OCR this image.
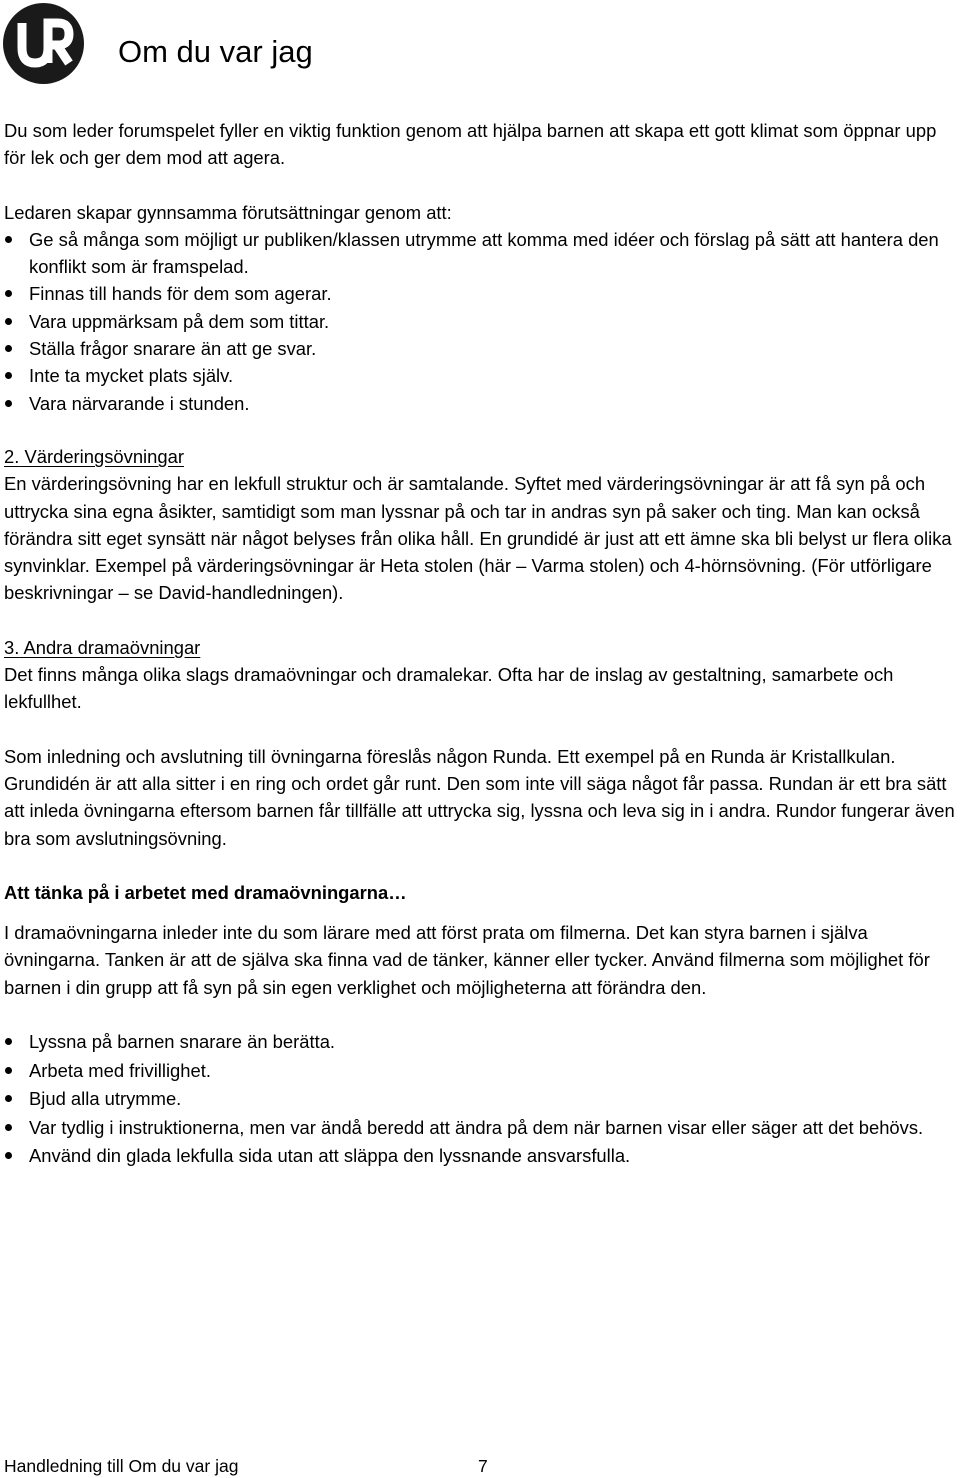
Om du var jag

Du som leder forumspelet fyller en viktig funktion genom att hjälpa barnen att skapa ett gott klimat som öppnar upp för lek och ger dem mod att agera.

Ledaren skapar gynnsamma förutsättningar genom att:

Ge så många som möjligt ur publiken/klassen utrymme att komma med idéer och förslag på sätt att hantera den konflikt som är framspelad.
Finnas till hands för dem som agerar.
Vara uppmärksam på dem som tittar.
Ställa frågor snarare än att ge svar.
Inte ta mycket plats själv.
Vara närvarande i stunden.

2. Värderingsövningar

En värderingsövning har en lekfull struktur och är samtalande. Syftet med värderingsövningar är att få syn på och uttrycka sina egna åsikter, samtidigt som man lyssnar på och tar in andras syn på saker och ting. Man kan också förändra sitt eget synsätt när något belyses från olika håll. En grundidé är just att ett ämne ska bli belyst ur flera olika synvinklar. Exempel på värderingsövningar är Heta stolen (här – Varma stolen) och 4-hörnsövning. (För utförligare beskrivningar – se David-handledningen).

3. Andra dramaövningar

Det finns många olika slags dramaövningar och dramalekar. Ofta har de inslag av gestaltning, samarbete och lekfullhet.

Som inledning och avslutning till övningarna föreslås någon Runda. Ett exempel på en Runda är Kristallkulan. Grundidén är att alla sitter i en ring och ordet går runt. Den som inte vill säga något får passa. Rundan är ett bra sätt att inleda övningarna eftersom barnen får tillfälle att uttrycka sig, lyssna och leva sig in i andra. Rundor fungerar även bra som avslutningsövning.

Att tänka på i arbetet med dramaövningarna…

I dramaövningarna inleder inte du som lärare med att först prata om filmerna. Det kan styra barnen i själva övningarna. Tanken är att de själva ska finna vad de tänker, känner eller tycker. Använd filmerna som möjlighet för barnen i din grupp att få syn på sin egen verklighet och möjligheterna att förändra den.

Lyssna på barnen snarare än berätta.
Arbeta med frivillighet.
Bjud alla utrymme.
Var tydlig i instruktionerna, men var ändå beredd att ändra på dem när barnen visar eller säger att det behövs.
Använd din glada lekfulla sida utan att släppa den lyssnande ansvarsfulla.
Handledning till Om du var jag	7
